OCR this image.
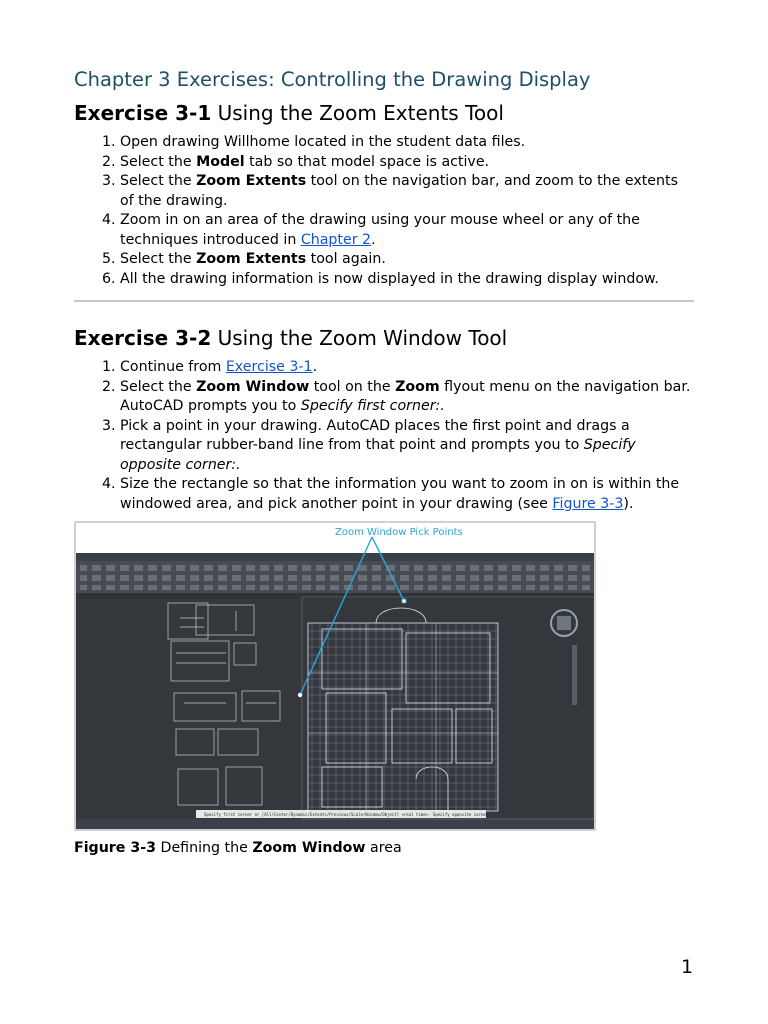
Chapter 3 Exercises: Controlling the Drawing Display
Exercise 3-1 Using the Zoom Extents Tool
1. Open drawing Willhome located in the student data files.
2. Select the Model tab so that model space is active.
3. Select the Zoom Extents tool on the navigation bar, and zoom to the extents of the drawing.
4. Zoom in on an area of the drawing using your mouse wheel or any of the techniques introduced in Chapter 2.
5. Select the Zoom Extents tool again.
6. All the drawing information is now displayed in the drawing display window.
Exercise 3-2 Using the Zoom Window Tool
1. Continue from Exercise 3-1.
2. Select the Zoom Window tool on the Zoom flyout menu on the navigation bar. AutoCAD prompts you to Specify first corner:.
3. Pick a point in your drawing. AutoCAD places the first point and drags a rectangular rubber-band line from that point and prompts you to Specify opposite corner:.
4. Size the rectangle so that the information you want to zoom in on is within the windowed area, and pick another point in your drawing (see Figure 3-3).
Zoom Window Pick Points
Specify first corner or [All/Center/Dynamic/Extents/Previous/Scale/Window/Object] <real time>: Specify opposite corner:
Figure 3-3 Defining the Zoom Window area
1
